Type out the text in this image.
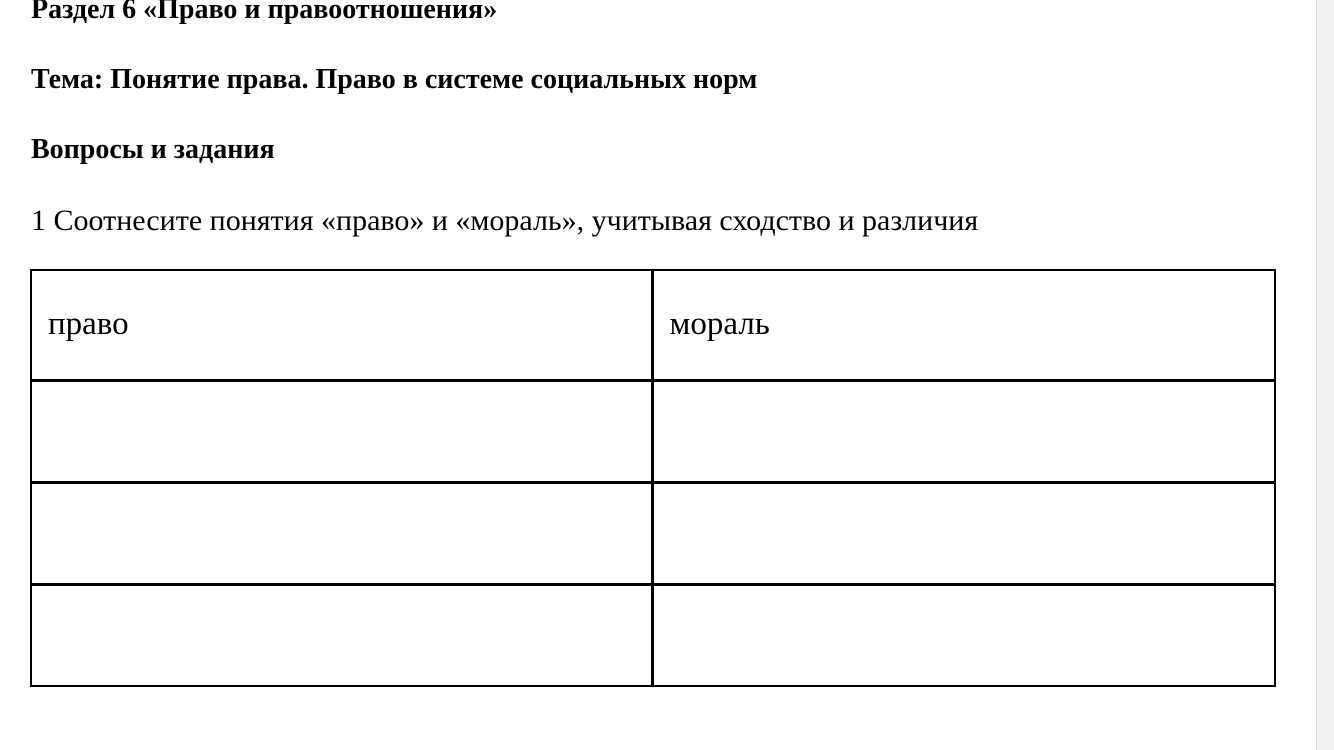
Раздел 6 «Право и правоотношения»

Тема: Понятие права. Право в системе социальных норм

Вопросы и задания

1 Соотнесите понятия «право» и «мораль», учитывая сходство и различия

право	мораль
